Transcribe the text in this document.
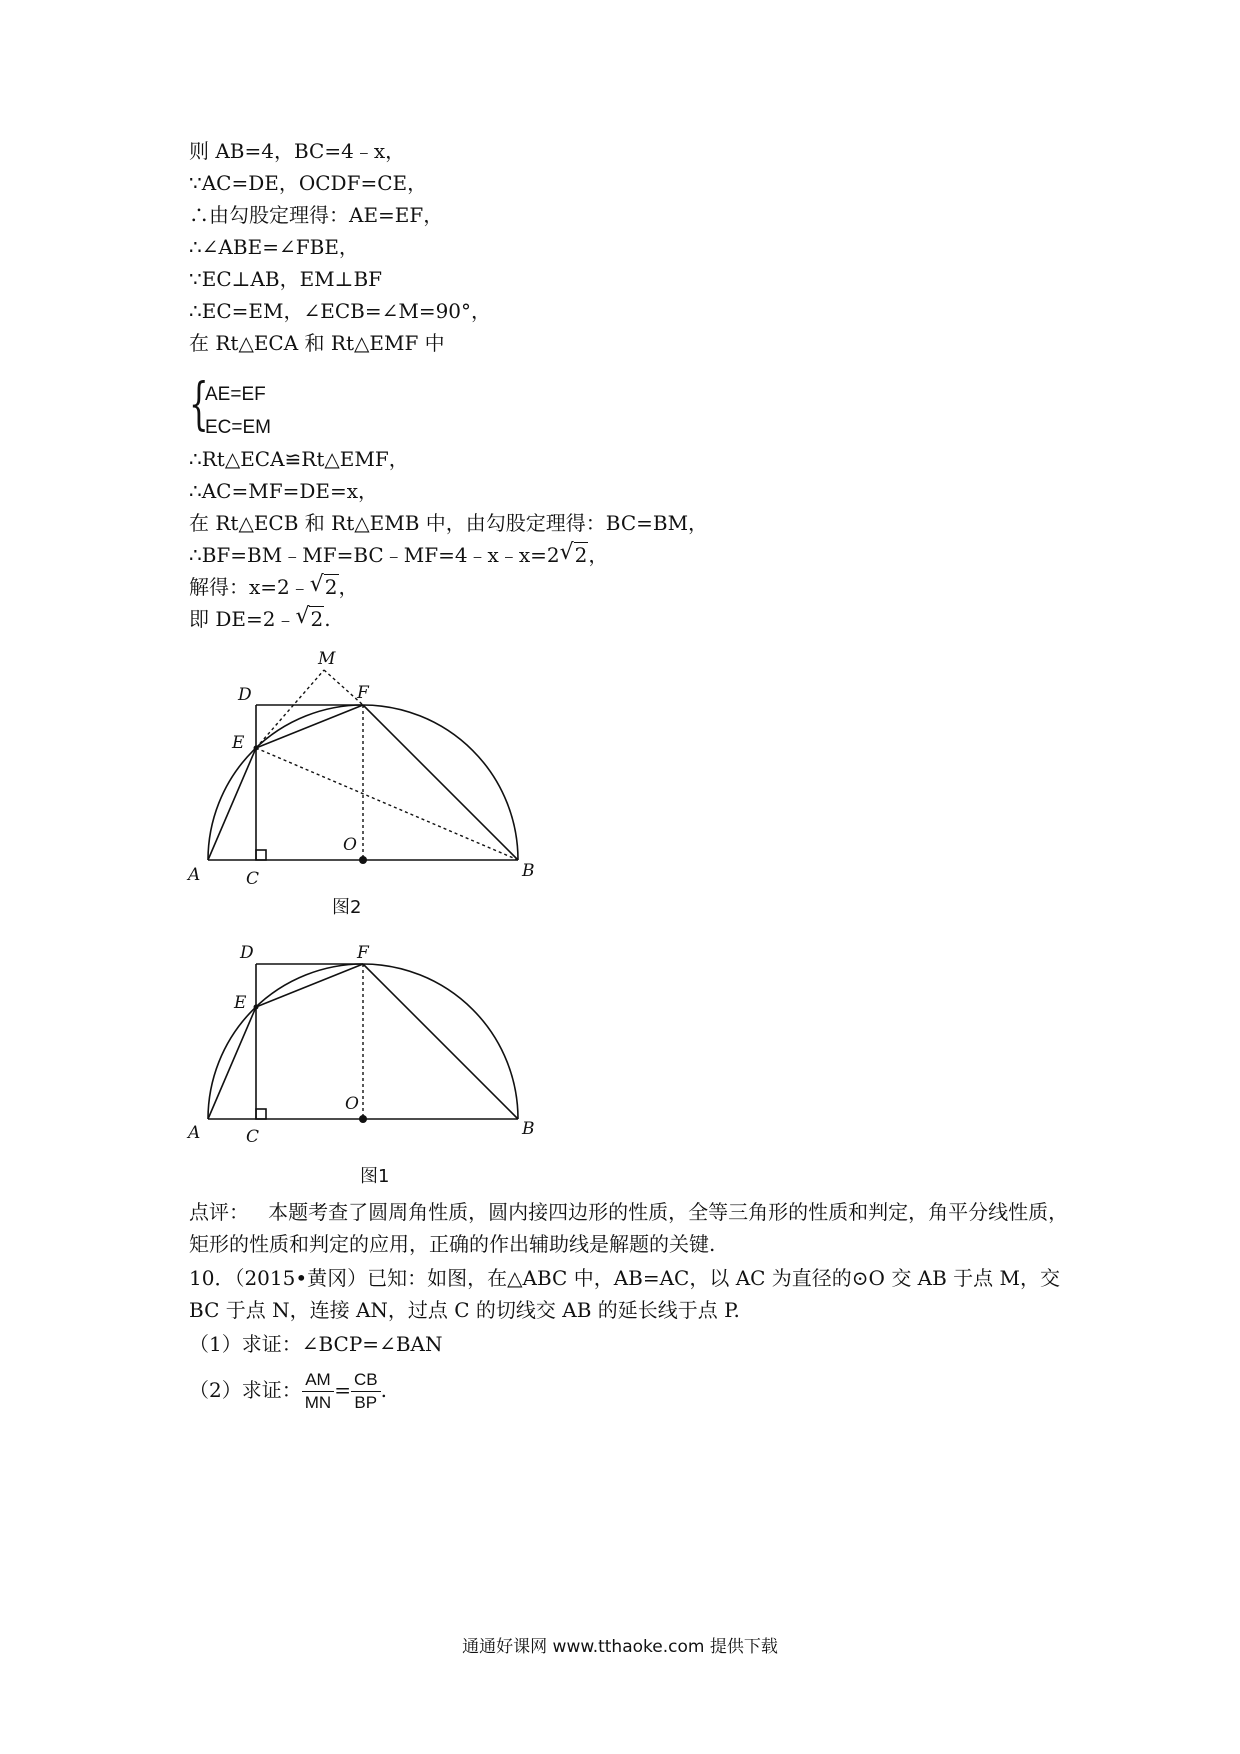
则 AB=4，BC=4﹣x，
∵AC=DE，OCDF=CE，
∴由勾股定理得：AE=EF，
∴∠ABE=∠FBE，
∵EC⊥AB，EM⊥BF
∴EC=EM，∠ECB=∠M=90°，
在 Rt△ECA 和 Rt△EMF 中
{
AE=EF
EC=EM
∴Rt△ECA≌Rt△EMF，
∴AC=MF=DE=x，
在 Rt△ECB 和 Rt△EMB 中，由勾股定理得：BC=BM，
∴BF=BM﹣MF=BC﹣MF=4﹣x﹣x=2 √ 2，
解得：x=2﹣ √ 2，
即 DE=2﹣ √ 2.
M
D	F
E
O
A	C	B
图2
D	F
E
O
A	C	B
图1
点评： 本题考查了圆周角性质，圆内接四边形的性质，全等三角形的性质和判定，角平分线性质，矩形的性质和判定的应用，正确的作出辅助线是解题的关键.
10．（2015•黄冈）已知：如图，在△ABC 中，AB=AC，以 AC 为直径的⊙O 交 AB 于点 M，交 BC 于点 N，连接 AN，过点 C 的切线交 AB 的延长线于点 P.
（1）求证：∠BCP=∠BAN
（2）求证： $\frac{AM}{MN} = \frac{CB}{BP}$ .
通通好课网 www.tthaoke.com 提供下载
